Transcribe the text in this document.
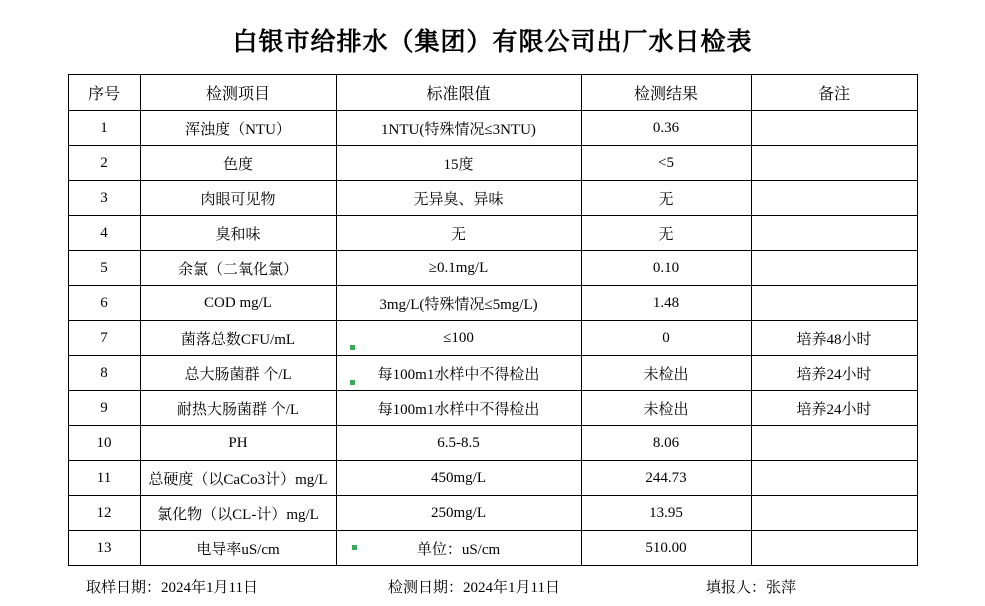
白银市给排水（集团）有限公司出厂水日检表
序号	检测项目	标准限值	检测结果	备注
1	浑浊度（NTU）	1NTU(特殊情况≤3NTU)	0.36	
2	色度	15度	<5	
3	肉眼可见物	无异臭、异味	无	
4	臭和味	无	无	
5	余氯（二氧化氯）	≥0.1mg/L	0.10	
6	COD mg/L	3mg/L(特殊情况≤5mg/L)	1.48	
7	菌落总数CFU/mL	≤100	0	培养48小时
8	总大肠菌群 个/L	每100m1水样中不得检出	未检出	培养24小时
9	耐热大肠菌群 个/L	每100m1水样中不得检出	未检出	培养24小时
10	PH	6.5-8.5	8.06	
11	总硬度（以CaCo3计）mg/L	450mg/L	244.73	
12	氯化物（以CL-计）mg/L	250mg/L	13.95	
13	电导率uS/cm	单位：uS/cm	510.00	
取样日期：2024年1月11日	检测日期：2024年1月11日	填报人：张萍
